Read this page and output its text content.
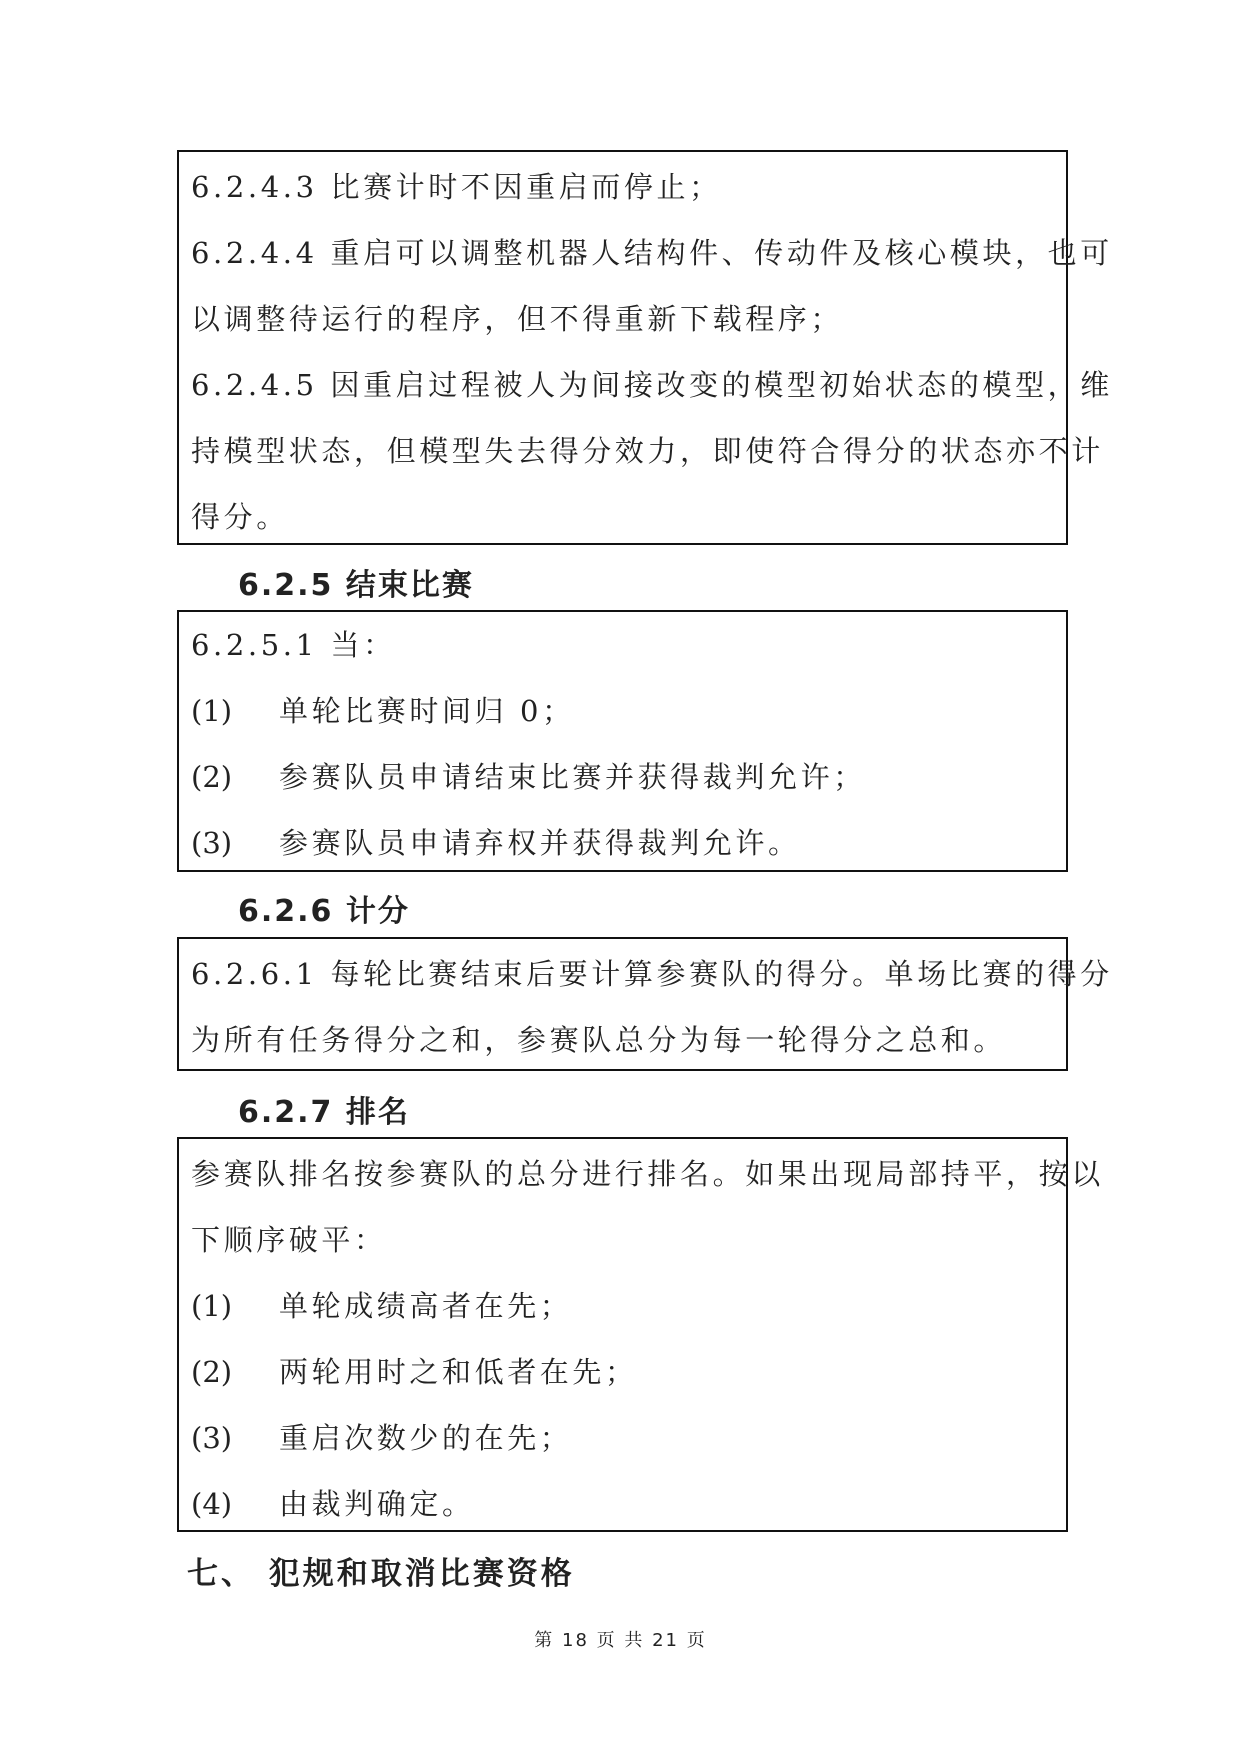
6.2.4.3 比赛计时不因重启而停止；
6.2.4.4 重启可以调整机器人结构件、传动件及核心模块，也可
以调整待运行的程序，但不得重新下载程序；
6.2.4.5 因重启过程被人为间接改变的模型初始状态的模型，维
持模型状态，但模型失去得分效力，即使符合得分的状态亦不计
得分。
6.2.5 结束比赛
6.2.5.1 当：
(1) 单轮比赛时间归 0；
(2) 参赛队员申请结束比赛并获得裁判允许；
(3) 参赛队员申请弃权并获得裁判允许。
6.2.6 计分
6.2.6.1 每轮比赛结束后要计算参赛队的得分。单场比赛的得分
为所有任务得分之和，参赛队总分为每一轮得分之总和。
6.2.7 排名
参赛队排名按参赛队的总分进行排名。如果出现局部持平，按以
下顺序破平：
(1) 单轮成绩高者在先；
(2) 两轮用时之和低者在先；
(3) 重启次数少的在先；
(4) 由裁判确定。
七、 犯规和取消比赛资格
第 18 页 共 21 页
